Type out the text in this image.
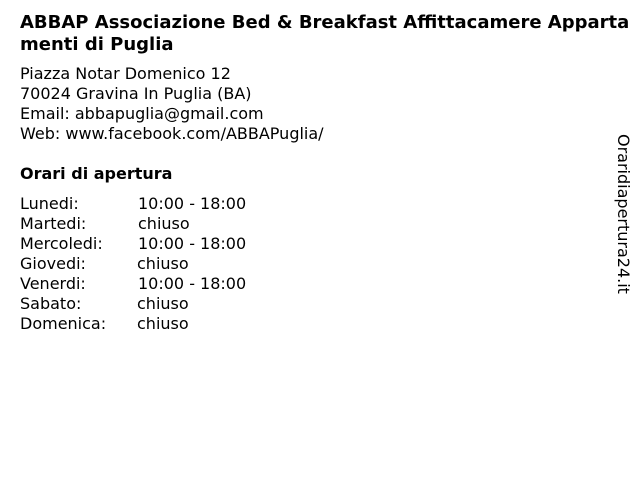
ABBAP Associazione Bed & Breakfast Affittacamere Appartamenti di Puglia
Piazza Notar Domenico 12
70024 Gravina In Puglia (BA)
Email: abbapuglia@gmail.com
Web: www.facebook.com/ABBAPuglia/
Orari di apertura
Lunedi:	10:00 - 18:00
Martedi:	chiuso
Mercoledi: 10:00 - 18:00
Giovedi:	chiuso
Venerdi:	10:00 - 18:00
Sabato:	chiuso
Domenica: chiuso
Oraridiapertura24.it
